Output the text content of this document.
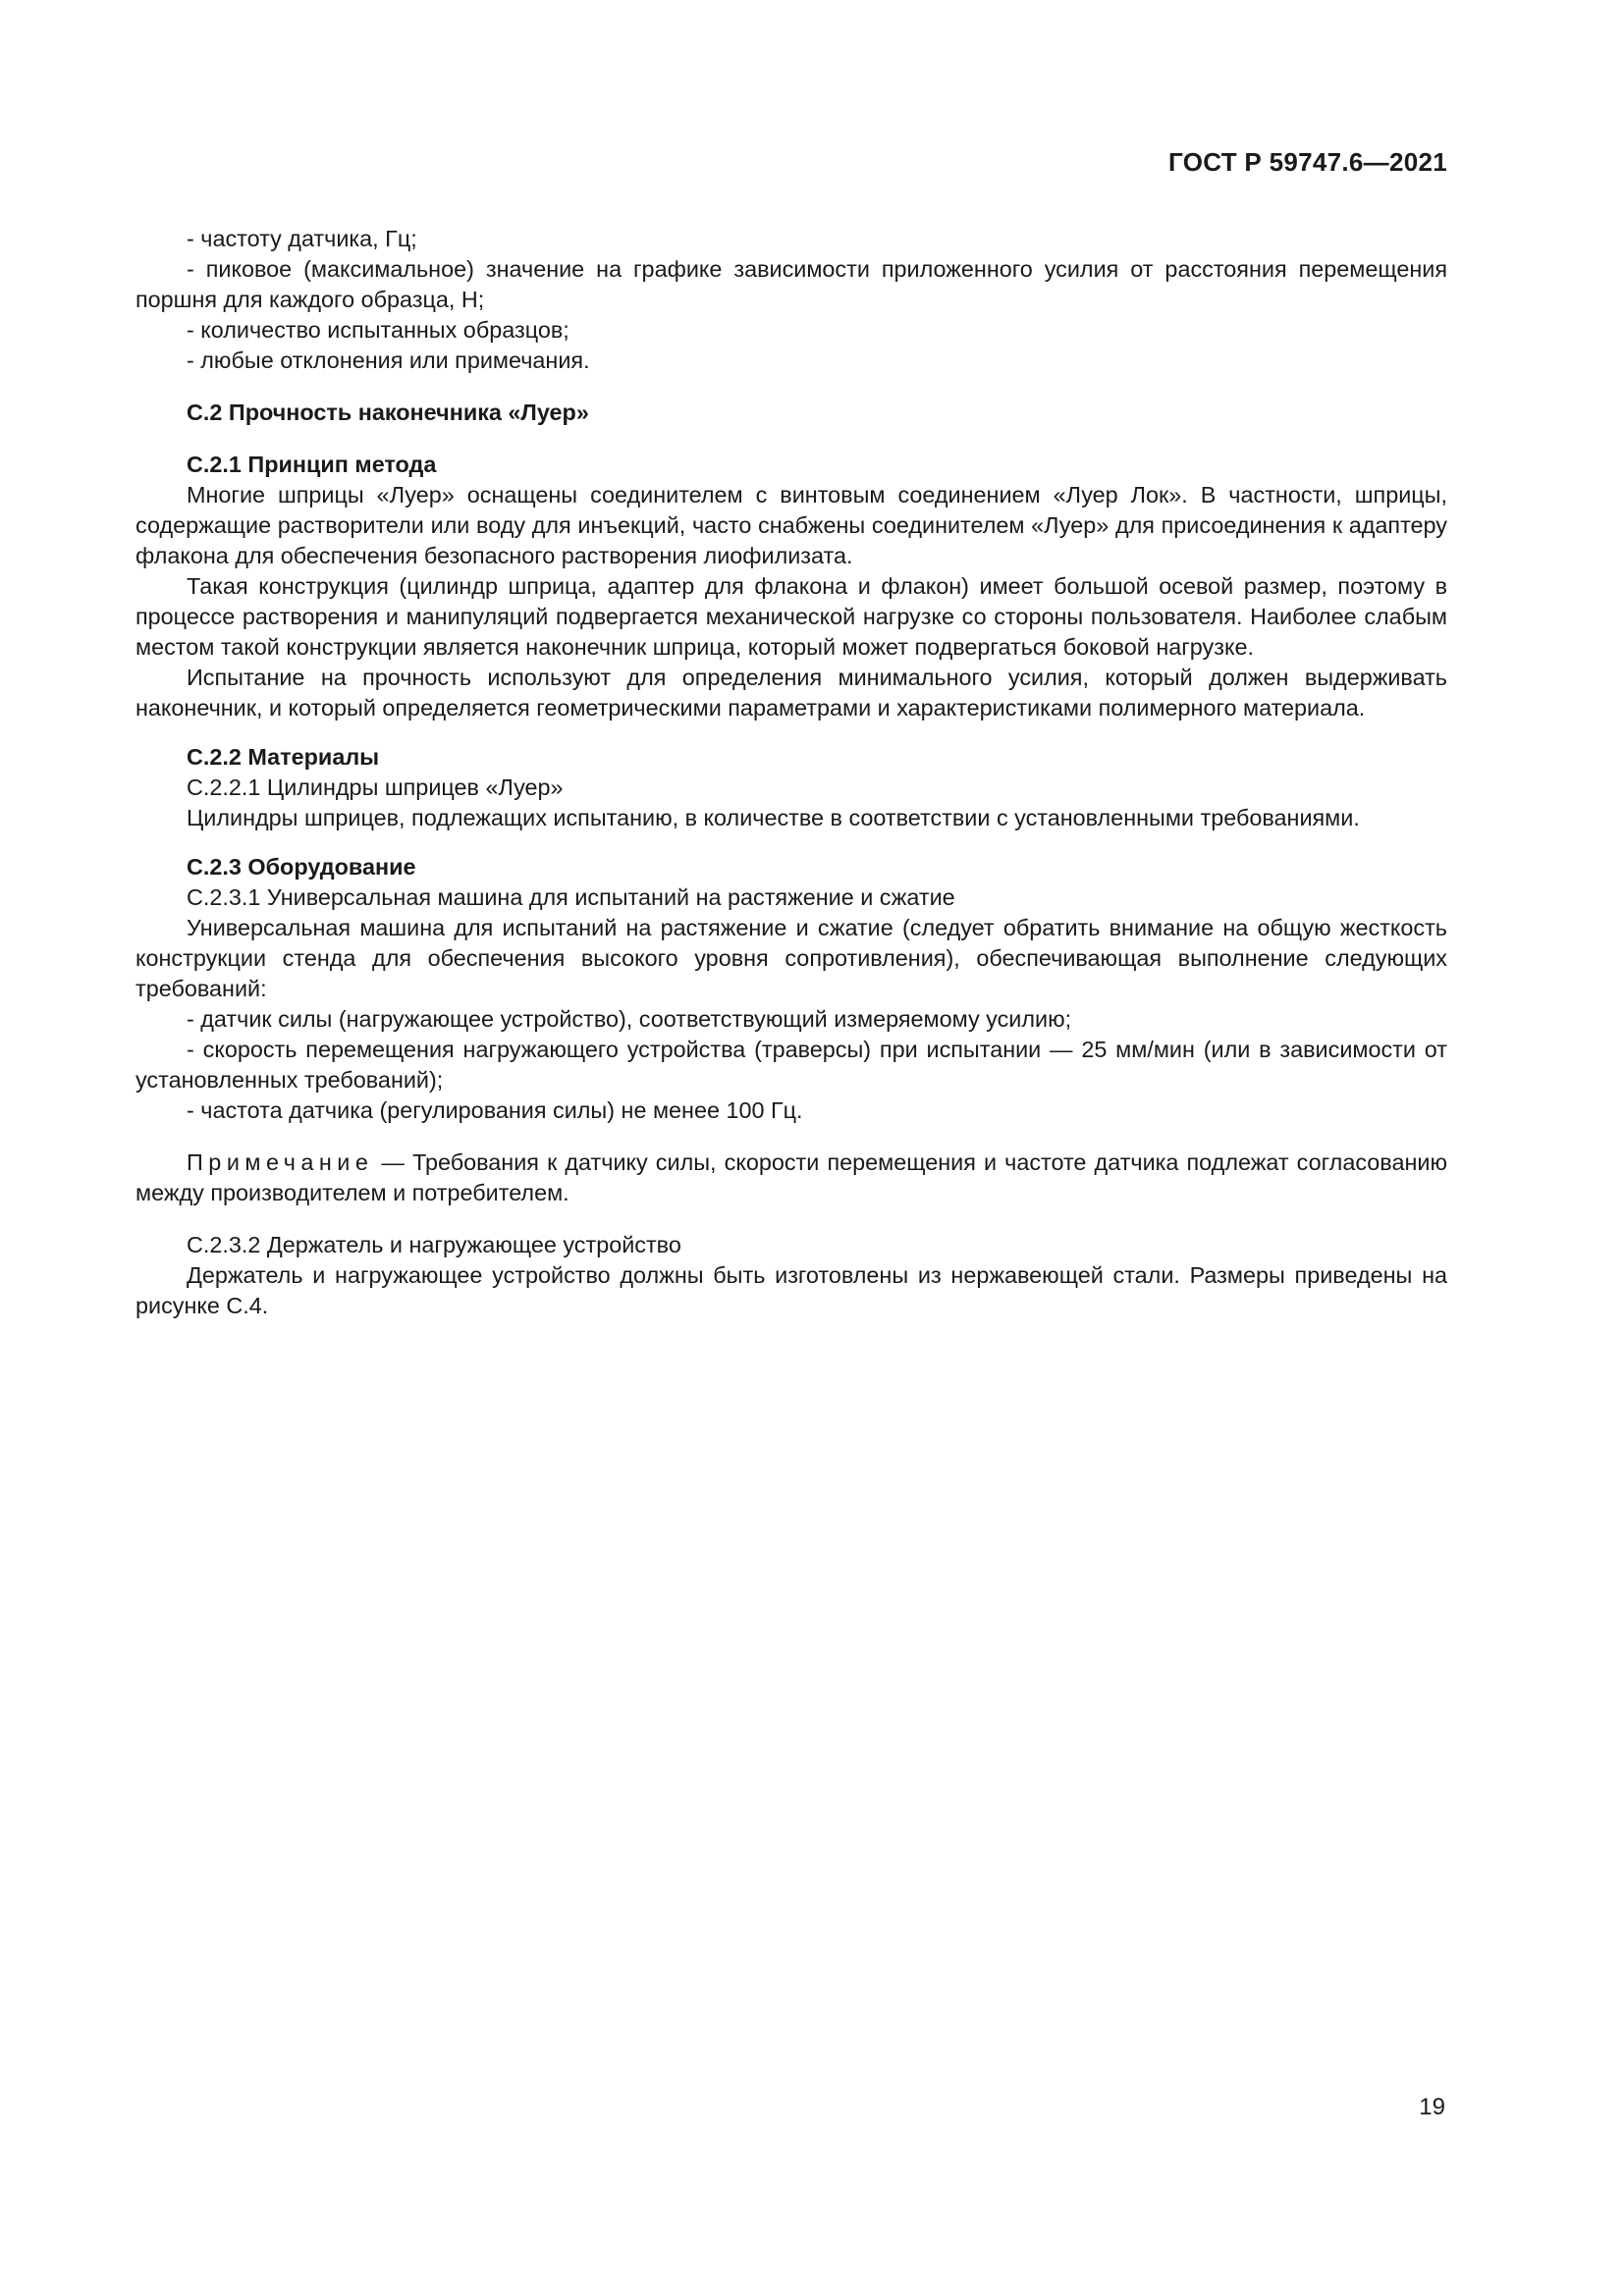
ГОСТ Р 59747.6—2021

- частоту датчика, Гц;

- пиковое (максимальное) значение на графике зависимости приложенного усилия от расстояния перемещения поршня для каждого образца, Н;

- количество испытанных образцов;

- любые отклонения или примечания.

С.2 Прочность наконечника «Луер»
С.2.1 Принцип метода

Многие шприцы «Луер» оснащены соединителем с винтовым соединением «Луер Лок». В частности, шприцы, содержащие растворители или воду для инъекций, часто снабжены соединителем «Луер» для присоединения к адаптеру флакона для обеспечения безопасного растворения лиофилизата.

Такая конструкция (цилиндр шприца, адаптер для флакона и флакон) имеет большой осевой размер, поэтому в процессе растворения и манипуляций подвергается механической нагрузке со стороны пользователя. Наиболее слабым местом такой конструкции является наконечник шприца, который может подвергаться боковой нагрузке.

Испытание на прочность используют для определения минимального усилия, который должен выдерживать наконечник, и который определяется геометрическими параметрами и характеристиками полимерного материала.

С.2.2 Материалы

С.2.2.1 Цилиндры шприцев «Луер»

Цилиндры шприцев, подлежащих испытанию, в количестве в соответствии с установленными требованиями.

С.2.3 Оборудование

С.2.3.1 Универсальная машина для испытаний на растяжение и сжатие

Универсальная машина для испытаний на растяжение и сжатие (следует обратить внимание на общую жесткость конструкции стенда для обеспечения высокого уровня сопротивления), обеспечивающая выполнение следующих требований:

- датчик силы (нагружающее устройство), соответствующий измеряемому усилию;

- скорость перемещения нагружающего устройства (траверсы) при испытании — 25 мм/мин (или в зависимости от установленных требований);

- частота датчика (регулирования силы) не менее 100 Гц.

Примечание — Требования к датчику силы, скорости перемещения и частоте датчика подлежат согласованию между производителем и потребителем.

С.2.3.2 Держатель и нагружающее устройство

Держатель и нагружающее устройство должны быть изготовлены из нержавеющей стали. Размеры приведены на рисунке С.4.

19
